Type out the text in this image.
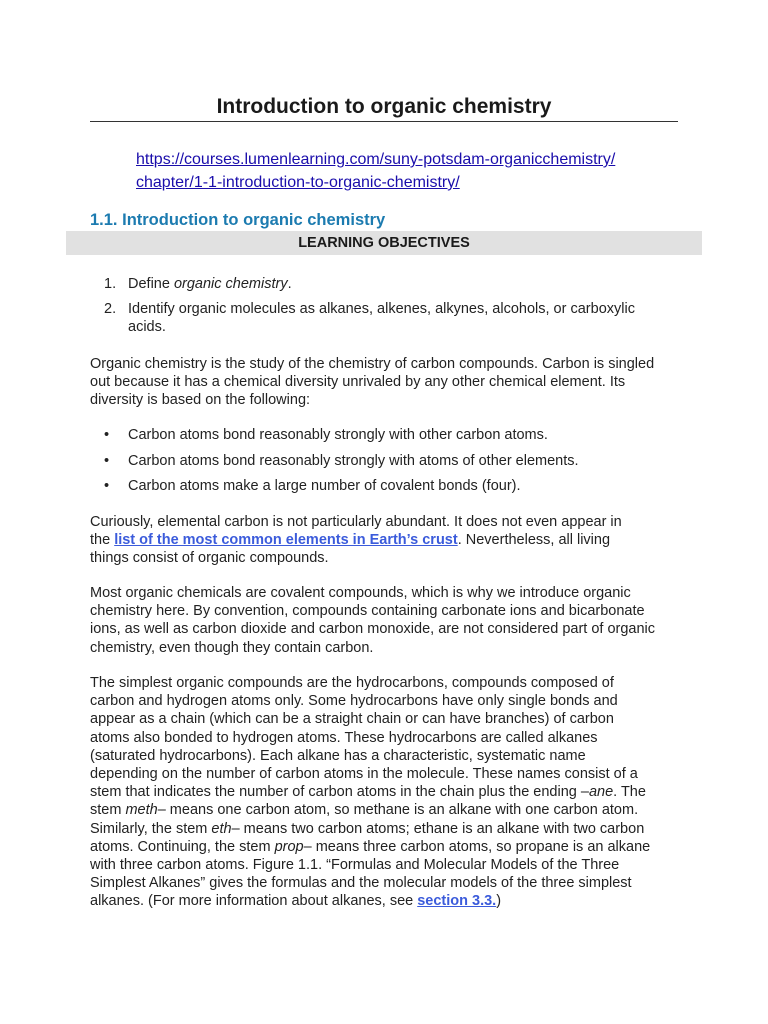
Introduction to organic chemistry
https://courses.lumenlearning.com/suny-potsdam-organicchemistry/
chapter/1-1-introduction-to-organic-chemistry/
1.1. Introduction to organic chemistry
LEARNING OBJECTIVES
1. Define organic chemistry.
2. Identify organic molecules as alkanes, alkenes, alkynes, alcohols, or carboxylic
acids.
Organic chemistry is the study of the chemistry of carbon compounds. Carbon is singled
out because it has a chemical diversity unrivaled by any other chemical element. Its
diversity is based on the following:
• Carbon atoms bond reasonably strongly with other carbon atoms.
• Carbon atoms bond reasonably strongly with atoms of other elements.
• Carbon atoms make a large number of covalent bonds (four).
Curiously, elemental carbon is not particularly abundant. It does not even appear in
the list of the most common elements in Earth’s crust. Nevertheless, all living
things consist of organic compounds.
Most organic chemicals are covalent compounds, which is why we introduce organic
chemistry here. By convention, compounds containing carbonate ions and bicarbonate
ions, as well as carbon dioxide and carbon monoxide, are not considered part of organic
chemistry, even though they contain carbon.
The simplest organic compounds are the hydrocarbons, compounds composed of
carbon and hydrogen atoms only. Some hydrocarbons have only single bonds and
appear as a chain (which can be a straight chain or can have branches) of carbon
atoms also bonded to hydrogen atoms. These hydrocarbons are called alkanes
(saturated hydrocarbons). Each alkane has a characteristic, systematic name
depending on the number of carbon atoms in the molecule. These names consist of a
stem that indicates the number of carbon atoms in the chain plus the ending –ane. The
stem meth– means one carbon atom, so methane is an alkane with one carbon atom.
Similarly, the stem eth– means two carbon atoms; ethane is an alkane with two carbon
atoms. Continuing, the stem prop– means three carbon atoms, so propane is an alkane
with three carbon atoms. Figure 1.1. “Formulas and Molecular Models of the Three
Simplest Alkanes” gives the formulas and the molecular models of the three simplest
alkanes. (For more information about alkanes, see section 3.3.)
